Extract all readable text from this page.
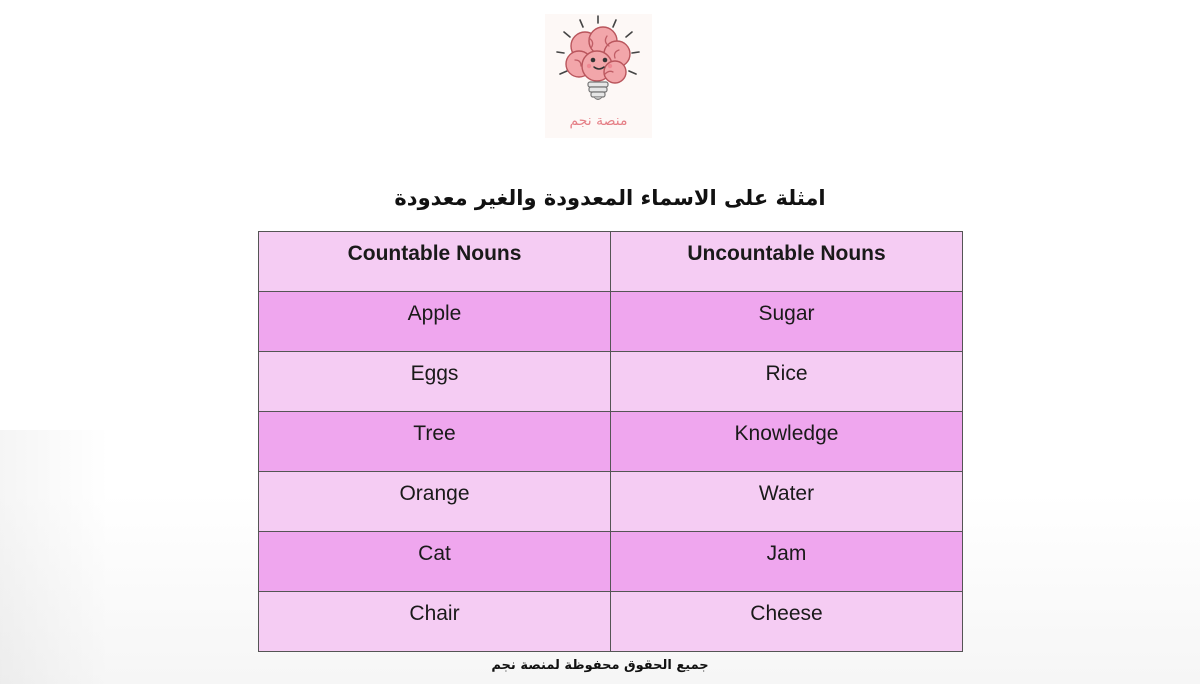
منصة نجم
امثلة على الاسماء المعدودة والغير معدودة
Countable Nouns	Uncountable Nouns
Apple	Sugar
Eggs	Rice
Tree	Knowledge
Orange	Water
Cat	Jam
Chair	Cheese
جميع الحقوق محفوظة لمنصة نجم
